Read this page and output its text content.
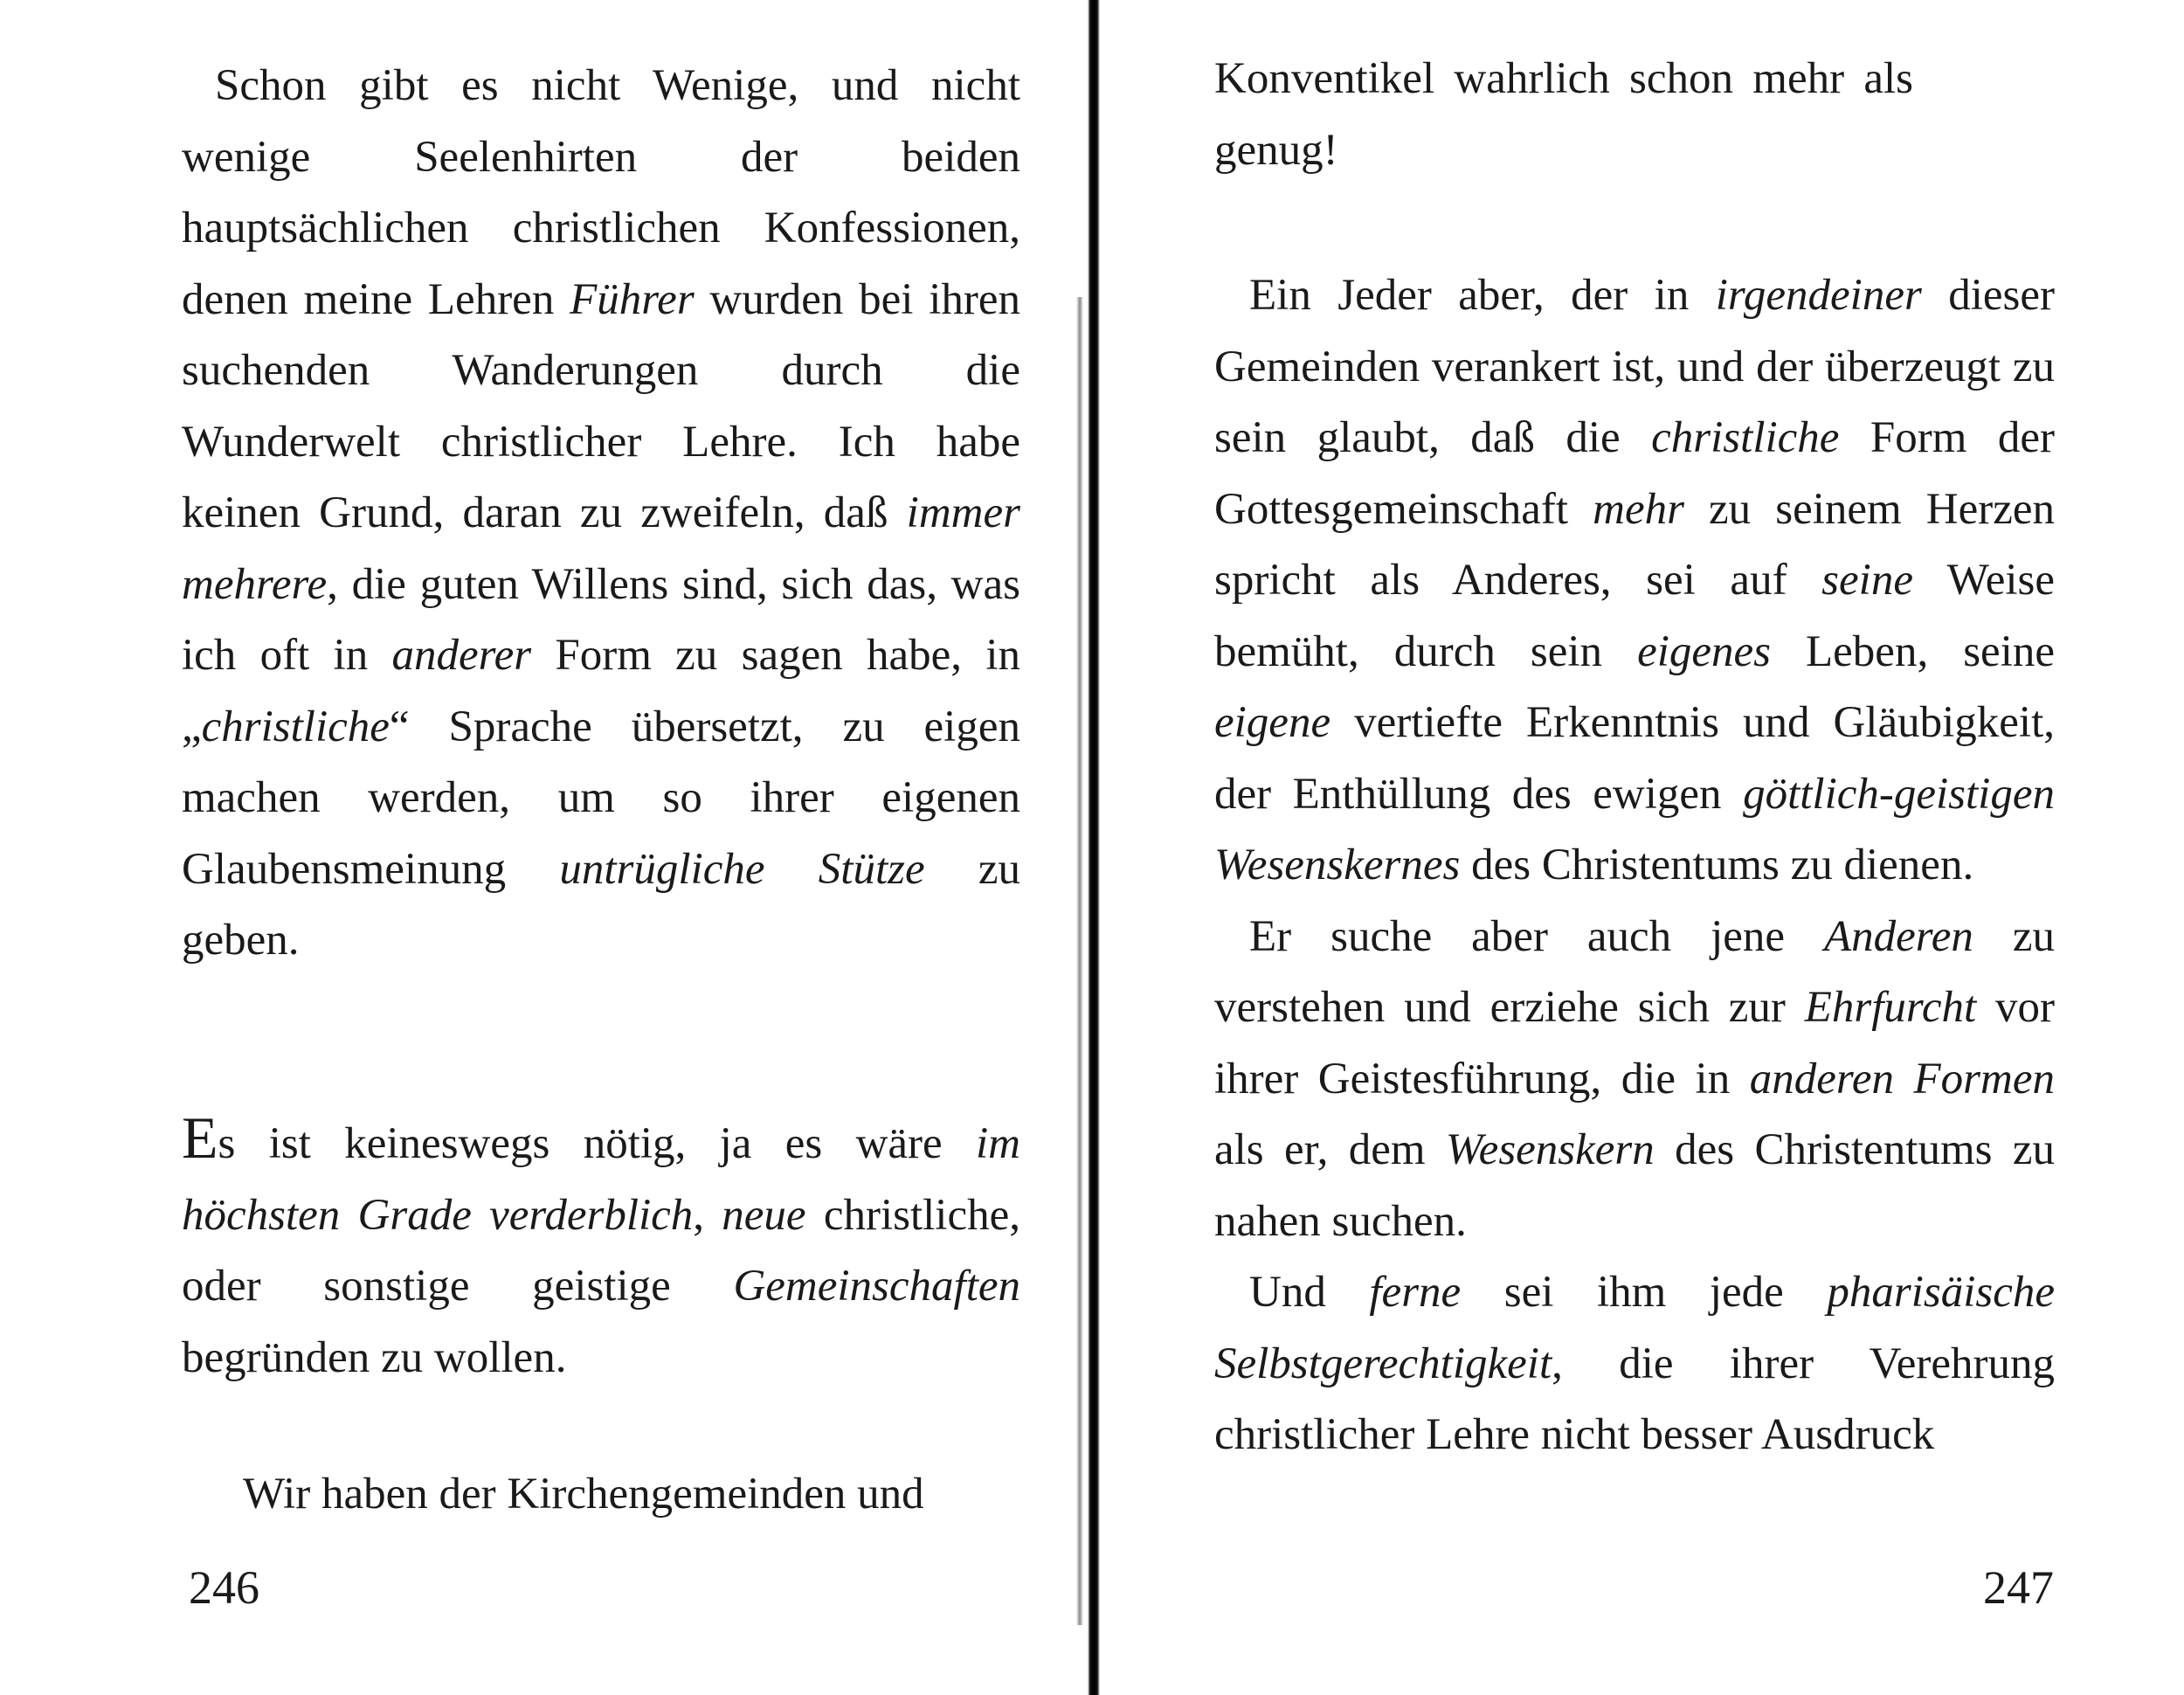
Schon gibt es nicht Wenige, und nicht wenige Seelenhirten der beiden hauptsächlichen christlichen Konfessionen, denen meine Lehren Führer wurden bei ihren suchenden Wanderungen durch die Wunderwelt christlicher Lehre. Ich habe keinen Grund, daran zu zweifeln, daß immer mehrere, die guten Willens sind, sich das, was ich oft in anderer Form zu sagen habe, in „christliche“ Sprache übersetzt, zu eigen machen werden, um so ihrer eigenen Glaubensmeinung untrügliche Stütze zu geben.

Es ist keineswegs nötig, ja es wäre im höchsten Grade verderblich, neue christliche, oder sonstige geistige Gemeinschaften begründen zu wollen.

Wir haben der Kirchengemeinden und

246

Konventikel wahrlich schon mehr als genug!

Ein Jeder aber, der in irgendeiner dieser Gemeinden verankert ist, und der überzeugt zu sein glaubt, daß die christliche Form der Gottesgemeinschaft mehr zu seinem Herzen spricht als Anderes, sei auf seine Weise bemüht, durch sein eigenes Leben, seine eigene vertiefte Erkenntnis und Gläubigkeit, der Enthüllung des ewigen göttlich-geistigen Wesenskernes des Christentums zu dienen.

Er suche aber auch jene Anderen zu verstehen und erziehe sich zur Ehrfurcht vor ihrer Geistesführung, die in anderen Formen als er, dem Wesenskern des Christentums zu nahen suchen.

Und ferne sei ihm jede pharisäische Selbstgerechtigkeit, die ihrer Verehrung christlicher Lehre nicht besser Ausdruck

247
